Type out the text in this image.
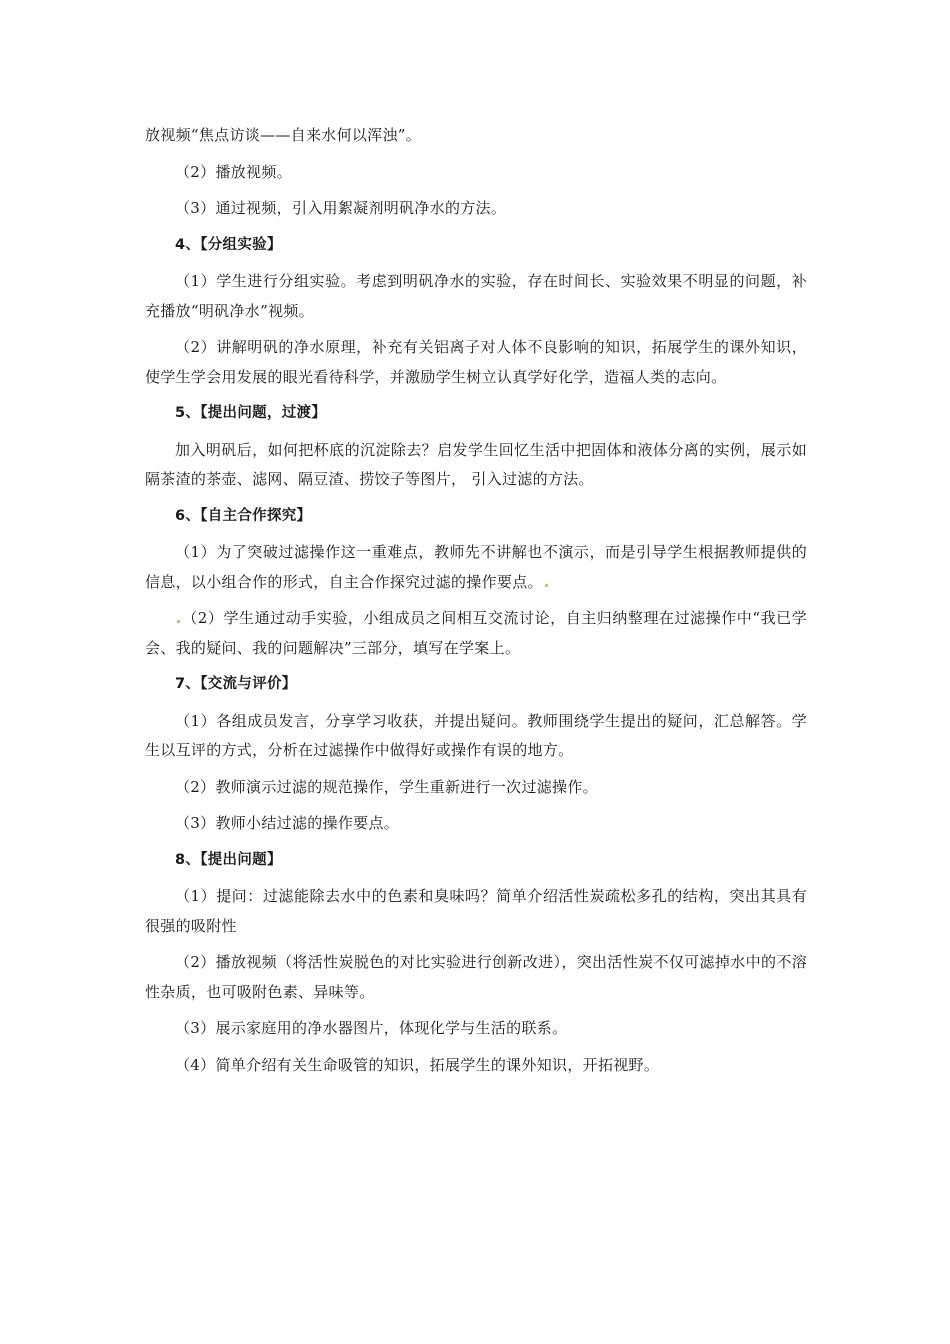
放视频“焦点访谈——自来水何以浑浊”。

（2）播放视频。

（3）通过视频，引入用絮凝剂明矾净水的方法。

4、【分组实验】

（1）学生进行分组实验。考虑到明矾净水的实验，存在时间长、实验效果不明显的问题，补充播放“明矾净水”视频。

（2）讲解明矾的净水原理，补充有关铝离子对人体不良影响的知识，拓展学生的课外知识，使学生学会用发展的眼光看待科学，并激励学生树立认真学好化学，造福人类的志向。

5、【提出问题，过渡】

加入明矾后，如何把杯底的沉淀除去？启发学生回忆生活中把固体和液体分离的实例，展示如隔茶渣的茶壶、滤网、隔豆渣、捞饺子等图片， 引入过滤的方法。

6、【自主合作探究】

（1）为了突破过滤操作这一重难点，教师先不讲解也不演示，而是引导学生根据教师提供的信息，以小组合作的形式，自主合作探究过滤的操作要点。

（2）学生通过动手实验，小组成员之间相互交流讨论，自主归纳整理在过滤操作中“我已学会、我的疑问、我的问题解决”三部分，填写在学案上。

7、【交流与评价】

（1）各组成员发言，分享学习收获，并提出疑问。教师围绕学生提出的疑问，汇总解答。学生以互评的方式，分析在过滤操作中做得好或操作有误的地方。

（2）教师演示过滤的规范操作，学生重新进行一次过滤操作。

（3）教师小结过滤的操作要点。

8、【提出问题】

（1）提问：过滤能除去水中的色素和臭味吗？简单介绍活性炭疏松多孔的结构，突出其具有很强的吸附性

（2）播放视频（将活性炭脱色的对比实验进行创新改进），突出活性炭不仅可滤掉水中的不溶性杂质，也可吸附色素、异味等。

（3）展示家庭用的净水器图片，体现化学与生活的联系。

（4）简单介绍有关生命吸管的知识，拓展学生的课外知识，开拓视野。
